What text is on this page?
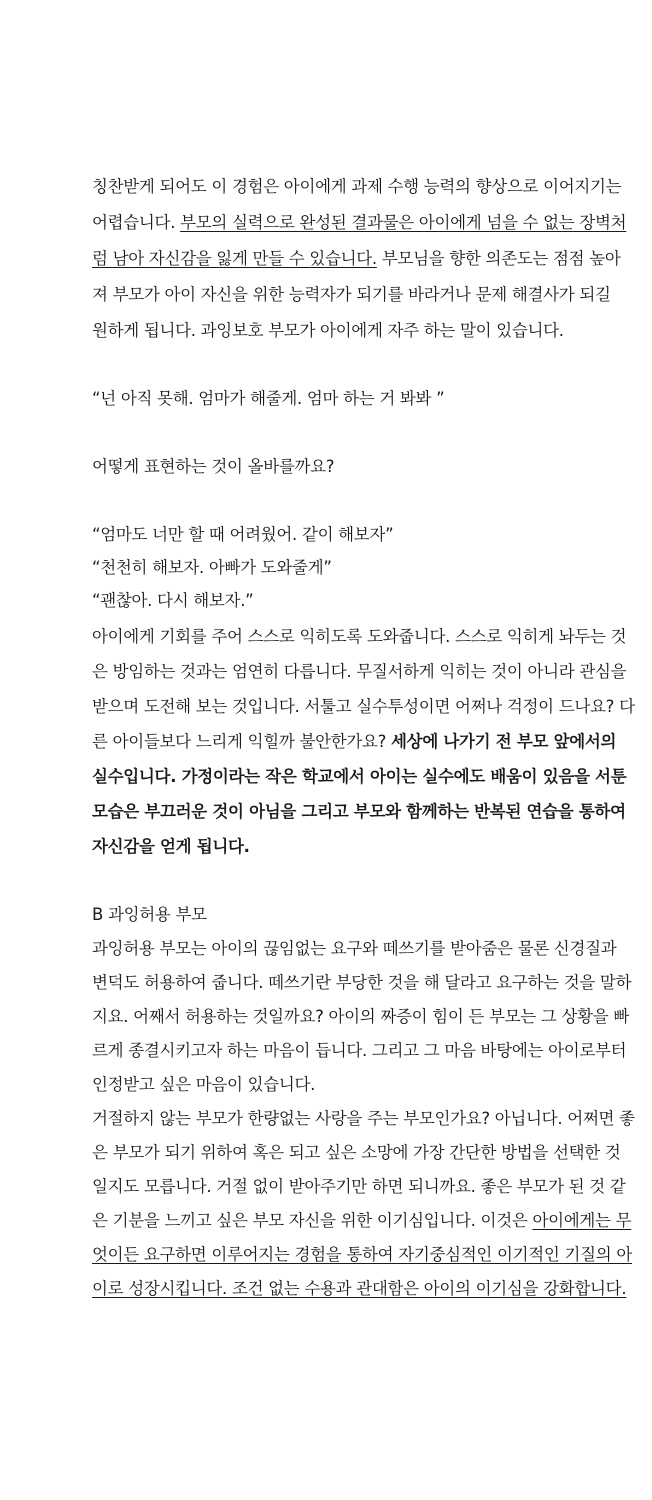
칭찬받게 되어도 이 경험은 아이에게 과제 수행 능력의 향상으로 이어지기는
어렵습니다. 부모의 실력으로 완성된 결과물은 아이에게 넘을 수 없는 장벽처
럼 남아 자신감을 잃게 만들 수 있습니다. 부모님을 향한 의존도는 점점 높아
져 부모가 아이 자신을 위한 능력자가 되기를 바라거나 문제 해결사가 되길
원하게 됩니다. 과잉보호 부모가 아이에게 자주 하는 말이 있습니다.
“넌 아직 못해. 엄마가 해줄게. 엄마 하는 거 봐봐 ”
어떻게 표현하는 것이 올바를까요?
“엄마도 너만 할 때 어려웠어. 같이 해보자”
“천천히 해보자. 아빠가 도와줄게”
“괜찮아. 다시 해보자.”
아이에게 기회를 주어 스스로 익히도록 도와줍니다. 스스로 익히게 놔두는 것
은 방임하는 것과는 엄연히 다릅니다. 무질서하게 익히는 것이 아니라 관심을
받으며 도전해 보는 것입니다. 서툴고 실수투성이면 어쩌나 걱정이 드나요? 다
른 아이들보다 느리게 익힐까 불안한가요? 세상에 나가기 전 부모 앞에서의
실수입니다. 가정이라는 작은 학교에서 아이는 실수에도 배움이 있음을 서툰
모습은 부끄러운 것이 아님을 그리고 부모와 함께하는 반복된 연습을 통하여
자신감을 얻게 됩니다.
B 과잉허용 부모
과잉허용 부모는 아이의 끊임없는 요구와 떼쓰기를 받아줌은 물론 신경질과
변덕도 허용하여 줍니다. 떼쓰기란 부당한 것을 해 달라고 요구하는 것을 말하
지요. 어째서 허용하는 것일까요? 아이의 짜증이 힘이 든 부모는 그 상황을 빠
르게 종결시키고자 하는 마음이 듭니다. 그리고 그 마음 바탕에는 아이로부터
인정받고 싶은 마음이 있습니다.
거절하지 않는 부모가 한량없는 사랑을 주는 부모인가요? 아닙니다. 어쩌면 좋
은 부모가 되기 위하여 혹은 되고 싶은 소망에 가장 간단한 방법을 선택한 것
일지도 모릅니다. 거절 없이 받아주기만 하면 되니까요. 좋은 부모가 된 것 같
은 기분을 느끼고 싶은 부모 자신을 위한 이기심입니다. 이것은 아이에게는 무
엇이든 요구하면 이루어지는 경험을 통하여 자기중심적인 이기적인 기질의 아
이로 성장시킵니다. 조건 없는 수용과 관대함은 아이의 이기심을 강화합니다.
